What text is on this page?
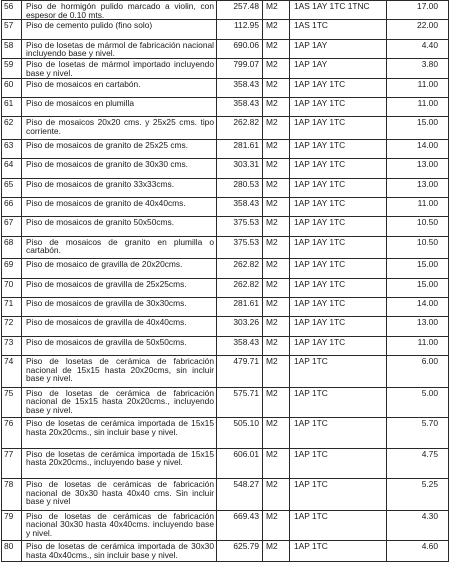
56	Piso de hormigón pulido marcado a violin, con espesor de 0.10 mts.	257.48	M2	1AS 1AY 1TC 1TNC	17.00
57	Piso de cemento pulido (fino solo)	112.95	M2	1AS 1TC	22.00
58	Piso de losetas de mármol de fabricación nacional incluyendo base y nivel.	690.06	M2	1AP 1AY	4.40
59	Piso de losetas de mármol importado incluyendo base y nivel.	799.07	M2	1AP 1AY	3.80
60	Piso de mosaicos en cartabón.	358.43	M2	1AP 1AY 1TC	11.00
61	Piso de mosaicos en plumilla	358.43	M2	1AP 1AY 1TC	11.00
62	Piso de mosaicos 20x20 cms. y 25x25 cms. tipo corriente.	262.82	M2	1AP 1AY 1TC	15.00
63	Piso de mosaicos de granito de 25x25 cms.	281.61	M2	1AP 1AY 1TC	14.00
64	Piso de mosaicos de granito de 30x30 cms.	303.31	M2	1AP 1AY 1TC	13.00
65	Piso de mosaicos de granito 33x33cms.	280.53	M2	1AP 1AY 1TC	13.00
66	Piso de mosaicos de granito de 40x40cms.	358.43	M2	1AP 1AY 1TC	11.00
67	Piso de mosaicos de granito 50x50cms.	375.53	M2	1AP 1AY 1TC	10.50
68	Piso de mosaicos de granito en plumilla o cartabón.	375.53	M2	1AP 1AY 1TC	10.50
69	Piso de mosaico de gravilla de 20x20cms.	262.82	M2	1AP 1AY 1TC	15.00
70	Piso de mosaicos de gravilla de 25x25cms.	262.82	M2	1AP 1AY 1TC	15.00
71	Piso de mosaicos de gravilla de 30x30cms.	281.61	M2	1AP 1AY 1TC	14.00
72	Piso de mosaicos de gravilla de 40x40cms.	303.26	M2	1AP 1AY 1TC	13.00
73	Piso de mosaicos de gravilla de 50x50cms.	358.43	M2	1AP 1AY 1TC	11.00
74	Piso de losetas de cerámica de fabricación nacional de 15x15 hasta 20x20cms, sin incluir base y nivel.	479.71	M2	1AP 1TC	6.00
75	Piso de losetas de cerámica de fabricación nacional de 15x15 hasta 20x20cms., incluyendo base y nivel.	575.71	M2	1AP 1TC	5.00
76	Piso de losetas de cerámica importada de 15x15 hasta 20x20cms., sin incluir base y nivel.	505.10	M2	1AP 1TC	5.70
77	Piso de losetas de cerámica importada de 15x15 hasta 20x20cms., incluyendo base y nivel.	606.01	M2	1AP 1TC	4.75
78	Piso de losetas de cerámicas de fabricación nacional de 30x30 hasta 40x40 cms. Sin incluir base y nivel	548.27	M2	1AP 1TC	5.25
79	Piso de losetas de cerámicas de fabricación nacional 30x30 hasta 40x40cms. incluyendo base y nivel.	669.43	M2	1AP 1TC	4.30
80	Piso de losetas de cerámica importada de 30x30 hasta 40x40cms., sin incluir base y nivel.	625.79	M2	1AP 1TC	4.60
